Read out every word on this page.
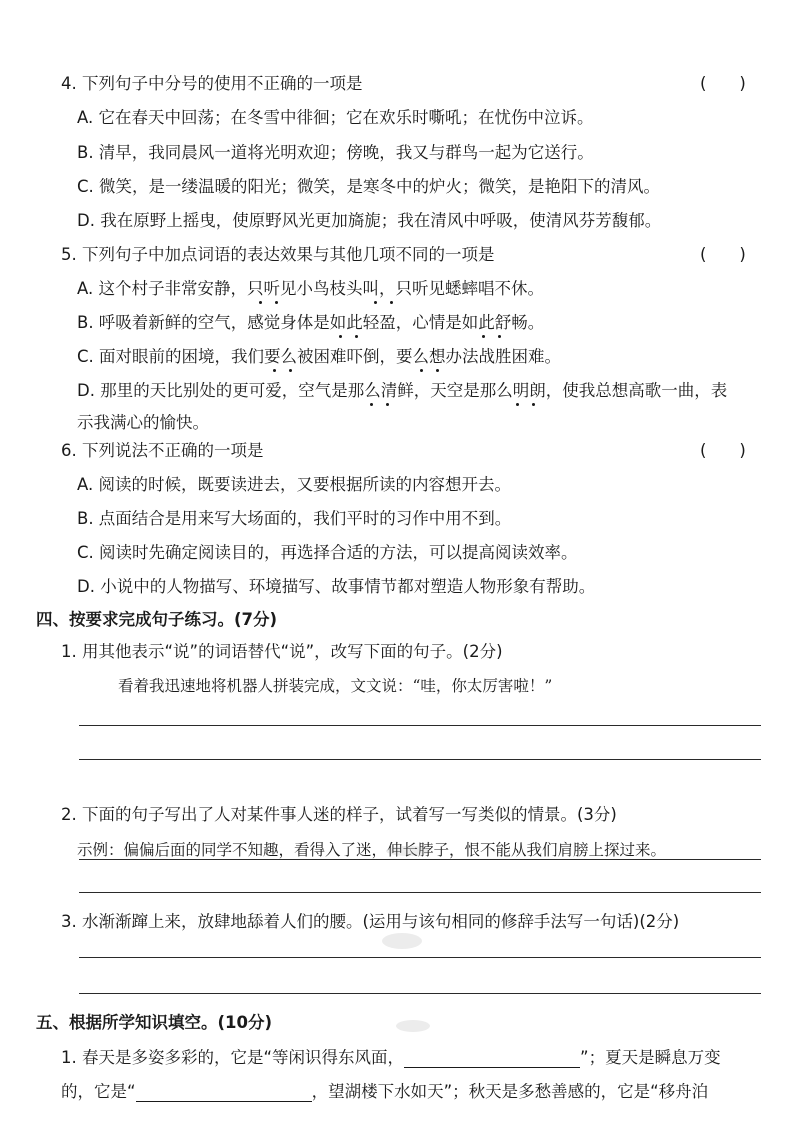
4. 下列句子中分号的使用不正确的一项是	(　　)
A. 它在春天中回荡；在冬雪中徘徊；它在欢乐时嘶吼；在忧伤中泣诉。
B. 清早，我同晨风一道将光明欢迎；傍晚，我又与群鸟一起为它送行。
C. 微笑，是一缕温暖的阳光；微笑，是寒冬中的炉火；微笑，是艳阳下的清风。
D. 我在原野上摇曳，使原野风光更加旖旎；我在清风中呼吸，使清风芬芳馥郁。
5. 下列句子中加点词语的表达效果与其他几项不同的一项是	(　　)
A. 这个村子非常安静，只听见小鸟枝头叫，只听见蟋蟀唱不休。
B. 呼吸着新鲜的空气，感觉身体是如此轻盈，心情是如此舒畅。
C. 面对眼前的困境，我们要么被困难吓倒，要么想办法战胜困难。
D. 那里的天比别处的更可爱，空气是那么清鲜，天空是那么明朗，使我总想高歌一曲，表
示我满心的愉快。
6. 下列说法不正确的一项是	(　　)
A. 阅读的时候，既要读进去，又要根据所读的内容想开去。
B. 点面结合是用来写大场面的，我们平时的习作中用不到。
C. 阅读时先确定阅读目的，再选择合适的方法，可以提高阅读效率。
D. 小说中的人物描写、环境描写、故事情节都对塑造人物形象有帮助。
四、按要求完成句子练习。(7分)
1. 用其他表示“说”的词语替代“说”，改写下面的句子。(2分)
看着我迅速地将机器人拼装完成，文文说：“哇，你太厉害啦！”
2. 下面的句子写出了人对某件事人迷的样子，试着写一写类似的情景。(3分)
示例：偏偏后面的同学不知趣，看得入了迷，伸长脖子，恨不能从我们肩膀上探过来。
3. 水渐渐蹿上来，放肆地舔着人们的腰。(运用与该句相同的修辞手法写一句话)(2分)
五、根据所学知识填空。(10分)
1. 春天是多姿多彩的，它是“等闲识得东风面，	”；夏天是瞬息万变
的，它是“	，望湖楼下水如天”；秋天是多愁善感的，它是“移舟泊
